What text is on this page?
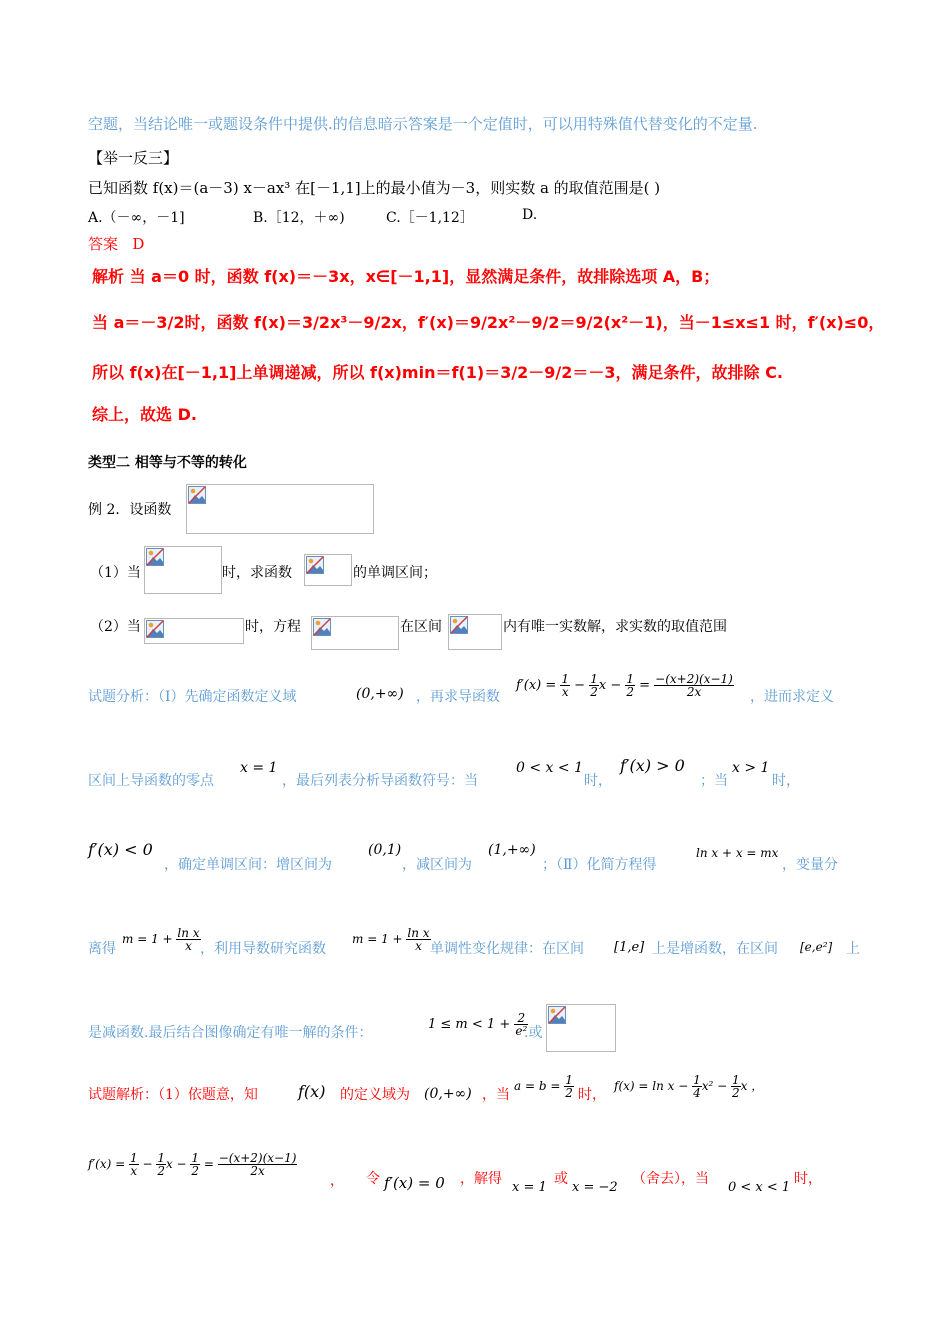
空题，当结论唯一或题设条件中提供.的信息暗示答案是一个定值时，可以用特殊值代替变化的不定量.
【举一反三】
已知函数 f(x)＝(a－3) x－ax³ 在[－1,1]上的最小值为－3，则实数 a 的取值范围是( )
A.（－∞，－1]	B.［12，＋∞)	C.［－1,12］	D.
答案 D
解析 当 a＝0 时，函数 f(x)＝－3x，x∈[－1,1]，显然满足条件，故排除选项 A，B；
当 a＝－3/2时，函数 f(x)＝3/2x³－9/2x，f′(x)＝9/2x²－9/2＝9/2(x²－1)，当－1≤x≤1 时，f′(x)≤0，
所以 f(x)在[－1,1]上单调递减，所以 f(x)min＝f(1)＝3/2－9/2＝－3，满足条件，故排除 C.
综上，故选 D.
类型二 相等与不等的转化
例 2．设函数
（1）当	时，求函数	的单调区间；
（2）当	时，方程	在区间	内有唯一实数解，求实数的取值范围
试题分析：（Ⅰ）先确定函数定义域	(0,+∞) ，再求导函数
$f'(x) = \frac{1}{x} - \frac{1}{2}$ $x - \frac{1}{2} = \frac{-(x+2)(x-1)}{2x}$ ，进而求定义
区间上导函数的零点
x = 1
，最后列表分析导函数符号：当
0 < x < 1
时，
f′(x) > 0
；当
x > 1
时，
f′(x) < 0
，确定单调区间：增区间为
(0,1)
，减区间为
(1,+∞)
；（Ⅱ）化简方程得
ln x + x = mx
，变量分
离得
$m = 1 + \frac{\text{ln x}}{x}$ ，利用导数研究函数
$m = 1 + \frac{\text{ln x}}{x}$ 单调性变化规律：在区间 [1,e] 上是增函数，在区间 [e,e²] 上
是减函数.最后结合图像确定有唯一解的条件：
$1 \le m < 1 + \frac{2}{\text{e²}}$
.或
试题解析：（1）依题意，知	f(x) 的定义域为 (0,+∞) ，当
$a = b = \frac{1}{2}$ 时，
$f(x) = \ln x - \frac{1}{4} x^2 - \frac{1}{2}$ x ，
$f'(x) = \frac{1}{x} - \frac{1}{2}$ $x - \frac{1}{2} = \frac{-(x+2)(x-1)}{2x}$
， 令 f′(x) = 0 ，解得
x = 1
或
x = −2
（舍去），当
0 < x < 1
时，
